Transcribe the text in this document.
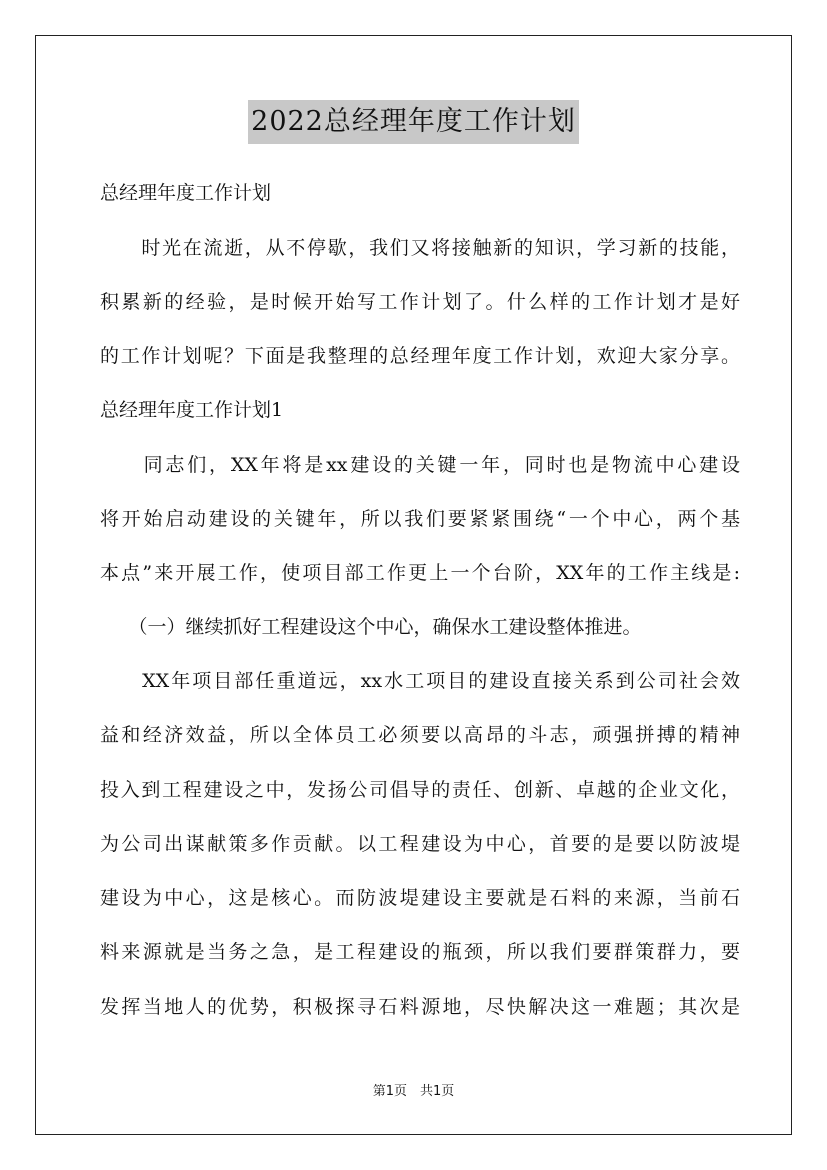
2022总经理年度工作计划
总经理年度工作计划
　　时光在流逝，从不停歇，我们又将接触新的知识，学习新的技能，
积累新的经验，是时候开始写工作计划了。什么样的工作计划才是好
的工作计划呢？下面是我整理的总经理年度工作计划，欢迎大家分享。
总经理年度工作计划1
　　同志们，XX年将是xx建设的关键一年，同时也是物流中心建设
将开始启动建设的关键年，所以我们要紧紧围绕“一个中心，两个基
本点”来开展工作，使项目部工作更上一个台阶，XX年的工作主线是:
　　（一）继续抓好工程建设这个中心，确保水工建设整体推进。
　　XX年项目部任重道远，xx水工项目的建设直接关系到公司社会效
益和经济效益，所以全体员工必须要以高昂的斗志，顽强拼搏的精神
投入到工程建设之中，发扬公司倡导的责任、创新、卓越的企业文化，
为公司出谋献策多作贡献。以工程建设为中心，首要的是要以防波堤
建设为中心，这是核心。而防波堤建设主要就是石料的来源，当前石
料来源就是当务之急，是工程建设的瓶颈，所以我们要群策群力，要
发挥当地人的优势，积极探寻石料源地，尽快解决这一难题；其次是
第1页　共1页
